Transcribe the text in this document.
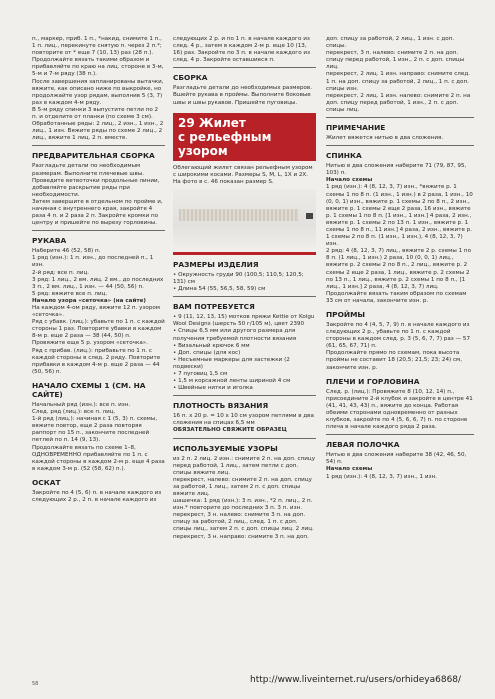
п., маркер, приб. 1 п., *накид, снимите 1 п., 1 п. лиц., перекинуте снятую п. через 2 п.*; повторите от * еще 7 (10, 13) раз (28 п.).

Продолжайте вязать такими образом и прибавляйте по краю на лиц. стороне в 3-м, 5-м и 7-м ряду (38 п.).

После завершения запланированы вытачки, вяжите, как описано ниже по выкройке, но продолжайте узор рядам, выполнив 5 (3, 7) раз в каждом 4-м ряду.

В 5-м ряду спинки 3 выпустите петли по 2 п. и отделите от планки (по схеме 3 см).

Обработанные ряды: 2 лиц., 2 изн., 1 изн., 2 лиц., 1 изн. Вяжите ряды по схеме 2 лиц., 2 лиц., вяжите 1 лиц. 2 п. вместе.

ПРЕДВАРИТЕЛЬНАЯ СБОРКА

Разгладьте детали по необходимым размерам. Выполните плечевые швы. Проведите ветвоточки продольные линии, добавляйте раскрытие ряды при необходимости.

Затем завершите в отдельном по пройме и, начиная с внутреннего края, закройте 4 раза 4 п. и 2 раза 2 п. Закройте кромки по центру и пришейте по вырезу горловины.

РУКАВА

Наберите 46 (52, 58) п.

1 ряд (изн.): 1 п. изн., до последней п., 1 изн.

2-й ряд: все п. лиц.

3 ряд: 1 лиц., 2 вм. лиц. 2 вм., до последних 3 п., 2 вм. лиц., 1 изн. — 44 (50, 56) п.

5 ряд: вяжите все п. лиц.

Начало узора «сеточка» (на сайте)

На каждом 4-ом ряду, вяжите 12 п. узором «сеточка».

Ряд с убавк. (лиц.): убавьте по 1 п. с каждой стороны 1 раз. Повторите убавки в каждом 8-м р. еще 2 раза — 38 (44, 50) п.

Провяжите еще 5 р. узором «сеточка».

Ряд с прибав. (лиц.): прибавьте по 1 п. с каждой стороны в след. 2 ряду. Повторите прибавки в каждом 4-м р. еще 2 раза — 44 (50, 56) п.

НАЧАЛО СХЕМЫ 1 (СМ. НА САЙТЕ)

Начальный ряд (изн.): все п. изн.

След. ряд (лиц.): все п. лиц.

1-й ряд (лиц.): начиная с 1 (5, 3) п. схемы, вяжите повтор, еще 2 раза повторяя раппорт по 15 п., закончите последней петлей по п. 14 (9, 13).

Продолжайте вязать по схеме 1–8, ОДНОВРЕМЕННО прибавляйте по 1 п. с каждой стороны в каждом 2-м р. еще 4 раза в каждом 3-м р. (52 (58, 62) п.).

ОСКАТ

Закройте по 4 (5, 6) п. в начале каждого из следующих 2 р., 2 п. в начале каждого из

следующих 2 р. и по 1 п. в начале каждого из след. 4 р., затем в каждом 2-м р. еще 10 (13, 16) раз. Закройте по 3 п. в начале каждого из след. 4 р. Закройте оставшиеся п.

СБОРКА

Разгладьте детали до необходимых размеров. Вшейте рукава в проймы. Выполните боковые швы и швы рукавов. Пришейте пуговицы.

29 Жилет
с рельефным узором

Облегающий жилет связан рельефным узором с широкими косами. Размеры S, M, L, 1X и 2X. На фото в с. 46 показан размер S.

РАЗМЕРЫ ИЗДЕЛИЯ

• Окружность груди 90 (100,5; 110,5; 120,5; 131) см

• Длина 54 (55, 56,5, 58, 59) см

ВАМ ПОТРЕБУЕТСЯ

• 9 (11, 12, 13, 15) мотков пряжи Kettie от Koigu Wool Designs (шерсть 50 г/105 м), цвет 2390

• Спицы 6,5 мм или другого размера для получения требуемой плотности вязания

• Визальный крючок 6 мм

• Доп. спицы (для кос)

• Несъемные маркеры для застежки (2 подвески)

• 7 пуговиц 1,5 см

• 1,5 м корсажной ленты шириной 4 см

• Швейные нитки и иголка

ПЛОТНОСТЬ ВЯЗАНИЯ

16 п. х 20 р. = 10 х 10 см узором петлями в два сложения на спицах 6,5 мм

ОБЯЗАТЕЛЬНО СВЯЖИТЕ ОБРАЗЕЦ

ИСПОЛЬЗУЕМЫЕ УЗОРЫ

из 2 п. 2 лиц. 2 изн.: снимите 2 п. на доп. спицу перед работой, 1 лиц., затем петли с доп. спицы вяжите лиц.

перекрест, налево: снимите 2 п. на доп. спицу за работой, 1 лиц., затем 2 п. с доп. спицы вяжите лиц.

шашечка: 1 ряд (изн.): 3 п. изн., *2 п. лиц., 2 п. изн.* повторите до последних 3 п. 3 п. изн.

перекрест, 3 н. налево: снимите 3 п. на доп. спицу за работой, 2 лиц., след. 1 п. с доп. спицы лиц., затем 2 п. с доп. спицы лиц. 2 лиц.

перекрест, 3 н. направо: снимите 3 п. на доп.

доп. спицу за работой, 2 лиц., 1 изн. с доп. спицы.

перекрест, 3 п. налево: снимите 2 п. на доп. спицу перед работой, 1 изн., 2 п. с доп. спицы лиц.

перекрест, 2 лиц. 1 изн. направо: снимите след. 1 п. на доп. спицу за работой, 2 лиц., 1 п. с доп. спицы изн.

перекрест, 2 лиц. 1 изн. налево: снимите 2 п. на доп. спицу перед работой, 1 изн., 2 п. с доп. спицы лиц.

ПРИМЕЧАНИЕ

Жилет вяжется нитью в два сложения.

СПИНКА

Нитью в два сложения наберите 71 (79, 87, 95, 103) п.

Начало схемы

1 ряд (изн.): 4 (8, 12, 3, 7) изн., *вяжите р. 1 схемы 1 по 8 п. (1 изн., 1 изн.) в 2 раза, 1 изн., 10 (0, 0, 1) изн., вяжите р. 1 схемы 2 по 8 п., 2 изн., вяжите р. 1 схемы 2 еще 2 раза, 16 изн., вяжите р. 1 схемы 1 по 8 п. [1 изн., 1 изн.] 4 раза, 2 изн., вяжите р. 1 схемы 2 по 13 п. 1 изн., вяжите р. 1 схемы 1 по 8 п., 11 изн.] 4 раза, 2 изн., вяжите р. 1 схемы 2 по 8 п. (1 изн., 1 изн.), 4 (8, 12, 3, 7) изн.

2 ряд: 4 (8, 12, 3, 7) лиц., вяжите 2 р. схемы 1 по 8 п. (1 лиц., 1 изн.) 2 раза, 10 (0, 0, 1) лиц., вяжите р. 2 схемы 2 по 8 п., 2 лиц., вяжите р. 2 схемы 2 еще 2 раза, 1 лиц., вяжите р. 2 схемы 2 по 13 п., 1 лиц., вяжите р. 2 схемы 1 по 8 п., [1 лиц., 1 изн.] 2 раза, 4 (8, 12, 3, 7) лиц. Продолжайте вязать таким образом по схемам 33 см от начала, закончите изн. р.

ПРОЙМЫ

Закройте по 4 (4, 5, 7, 9) п. в начале каждого из следующих 2 р., убавьте по 1 п. с каждой стороны в каждом след. р. 3 (5, 6, 7, 7) раз — 57 (61, 65, 67, 71) п.

Продолжайте прямо по схемам, пока высота проймы не составит 18 (20,5; 21,5; 23; 24) см, закончите изн. р.

ПЛЕЧИ И ГОРЛОВИНА

След. р. (лиц.): Провяжите 8 (10, 12, 14) п., присоедините 2-й клубок и закройте в центре 41 (41, 41, 43, 43) п., вяжите до конца. Работая обеими сторонами одновременно от разных клубков, закройте по 4 (5, 6, 6, 7) п. по стороне плеча в начале каждого ряда 2 раза.

ЛЕВАЯ ПОЛОЧКА

Нитью в два сложения наберите 38 (42, 46, 50, 54) п.

Начало схемы

1 ряд (изн.): 4 (8, 12, 3, 7) изн., 1 изн.

58	http://www.liveinternet.ru/users/orhideya6868/
